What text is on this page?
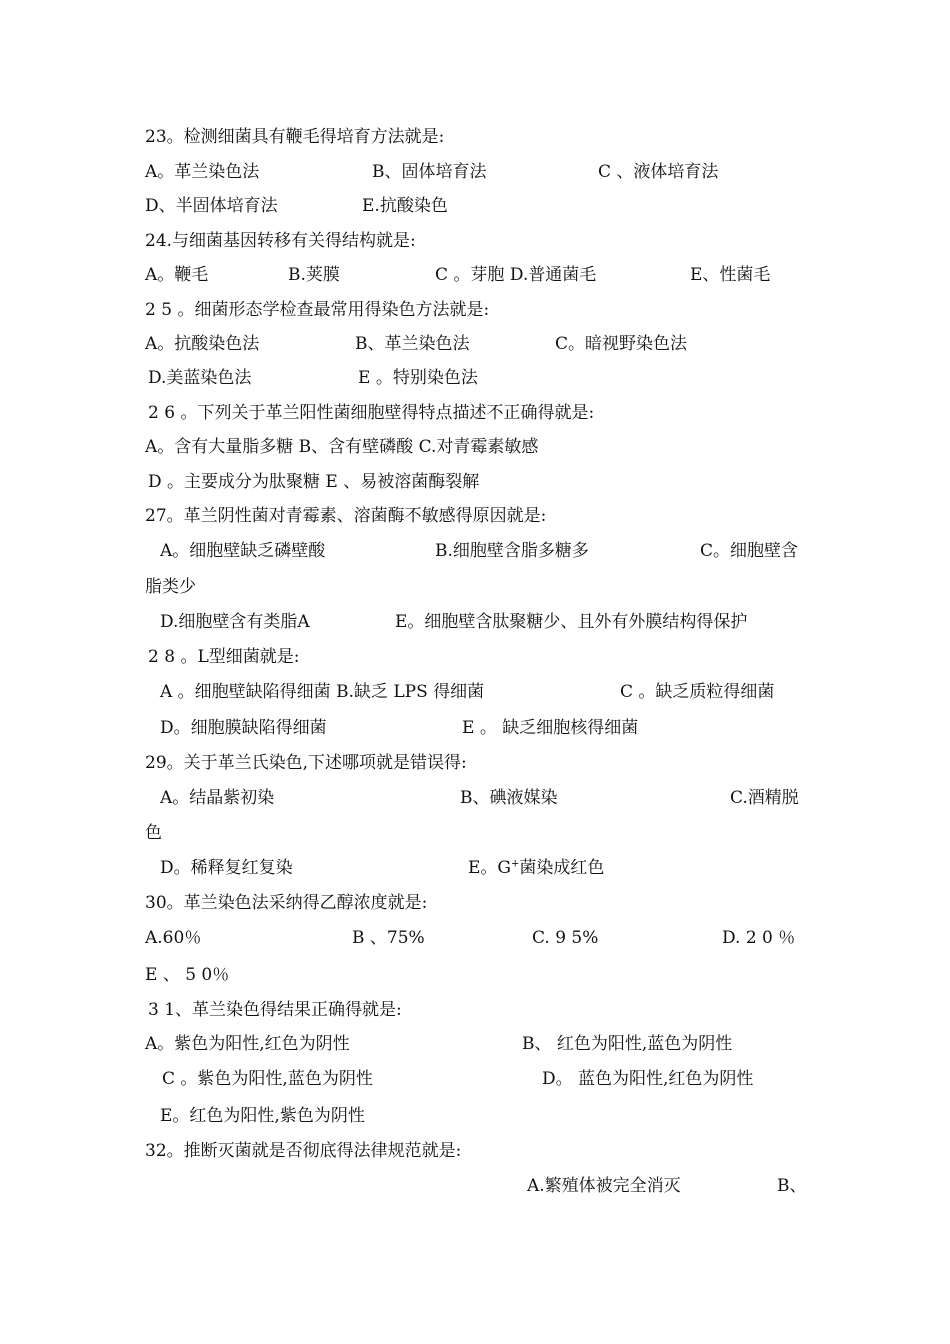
23。检测细菌具有鞭毛得培育方法就是:
A。革兰染色法	B、固体培育法	C 、液体培育法
D、半固体培育法	E.抗酸染色
24.与细菌基因转移有关得结构就是:
A。鞭毛	B.荚膜	C 。芽胞 D.普通菌毛	E、性菌毛
2 5 。细菌形态学检查最常用得染色方法就是:
A。抗酸染色法	B、革兰染色法	C。暗视野染色法
D.美蓝染色法	E 。特别染色法
2 6 。下列关于革兰阳性菌细胞壁得特点描述不正确得就是:
A。含有大量脂多糖 B、含有壁磷酸 C.对青霉素敏感
D 。主要成分为肽聚糖 E 、易被溶菌酶裂解
27。革兰阴性菌对青霉素、溶菌酶不敏感得原因就是:
A。细胞壁缺乏磷壁酸	B.细胞壁含脂多糖多	C。细胞壁含
脂类少
D.细胞壁含有类脂A	E。细胞壁含肽聚糖少、且外有外膜结构得保护
2 8 。L型细菌就是:
A 。细胞壁缺陷得细菌 B.缺乏 LPS 得细菌	C 。缺乏质粒得细菌
D。细胞膜缺陷得细菌	E 。 缺乏细胞核得细菌
29。关于革兰氏染色,下述哪项就是错误得:
A。结晶紫初染	B、碘液媒染	C.酒精脱
色
D。稀释复红复染	E。G+菌染成红色
30。革兰染色法采纳得乙醇浓度就是:
A.60％	B 、75%	C. 9 5%	D. 2 0 ％
E 、 5 0％
3 1、革兰染色得结果正确得就是:
A。紫色为阳性,红色为阴性	B、 红色为阳性,蓝色为阴性
C 。紫色为阳性,蓝色为阴性	D。 蓝色为阳性,红色为阴性
E。红色为阳性,紫色为阴性
32。推断灭菌就是否彻底得法律规范就是:
A.繁殖体被完全消灭	B、
